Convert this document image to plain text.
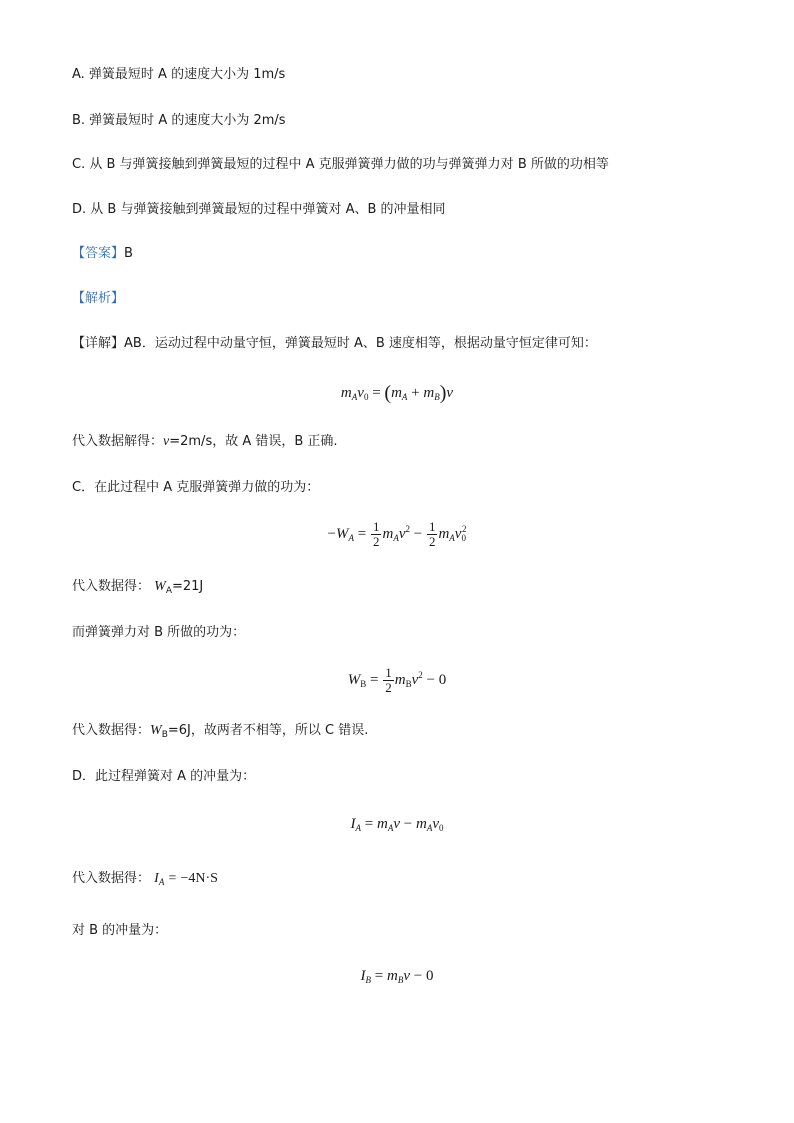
A. 弹簧最短时 A 的速度大小为 1m/s
B. 弹簧最短时 A 的速度大小为 2m/s
C. 从 B 与弹簧接触到弹簧最短的过程中 A 克服弹簧弹力做的功与弹簧弹力对 B 所做的功相等
D. 从 B 与弹簧接触到弹簧最短的过程中弹簧对 A、B 的冲量相同
【答案】B
【解析】
【详解】AB．运动过程中动量守恒，弹簧最短时 A、B 速度相等，根据动量守恒定律可知：
$m_Av_0 = (m_A + m_B)v$
代入数据解得：v=2m/s，故 A 错误，B 正确.
C．在此过程中 A 克服弹簧弹力做的功为：
$-W_A = \frac{1}{2} m_Av^2 - \frac{1}{2} m_Av_0^2$
代入数据得： $W_A=21J$
而弹簧弹力对 B 所做的功为：
$W_B = \frac{1}{2} m_Bv^2 - 0$
代入数据得：$W_B=6J$，故两者不相等，所以 C 错误.
D．此过程弹簧对 A 的冲量为：
$I_A = m_Av - m_Av_0$
代入数据得： $I_A = -4N\cdot S$
对 B 的冲量为：
$I_B = m_Bv - 0$
